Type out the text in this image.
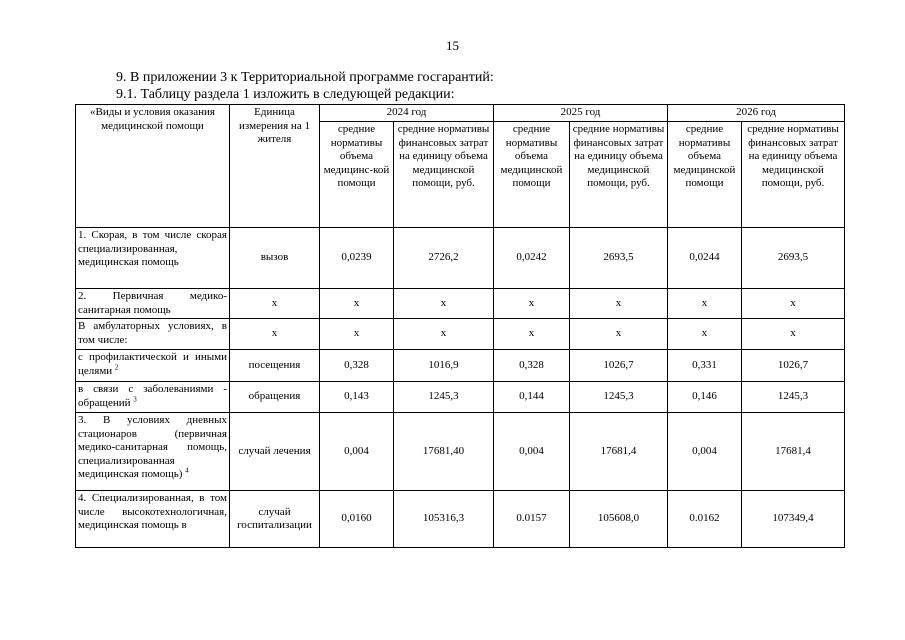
15
9. В приложении 3 к Территориальной программе госгарантий:
9.1. Таблицу раздела 1 изложить в следующей редакции:
«Виды и условия оказания медицинской помощи	Единица измерения на 1 жителя	2024 год		2025 год		2026 год	
		средние нормативы объема медицинс-кой помощи	средние нормативы финансовых затрат на единицу объема медицинской помощи, руб.	средние нормативы объема медицинской помощи	средние нормативы финансовых затрат на единицу объема медицинской помощи, руб.	средние нормативы объема медицинской помощи	средние нормативы финансовых затрат на единицу объема медицинской помощи, руб.
1. Скорая, в том числе скорая специализированная, медицинская помощь	вызов	0,0239	2726,2	0,0242	2693,5	0,0244	2693,5
2. Первичная медико-санитарная помощь	х	х	х	х	х	х	х
В амбулаторных условиях, в том числе:	х	х	х	х	х	х	х
с профилактической и иными целями $^2$	посещения	0,328	1016,9	0,328	1026,7	0,331	1026,7
в связи с заболеваниями - обращений $^3$	обращения	0,143	1245,3	0,144	1245,3	0,146	1245,3
3. В условиях дневных стационаров (первичная медико-санитарная помощь, специализированная медицинская помощь) $^4$	случай лечения	0,004	17681,40	0,004	17681,4	0,004	17681,4
4. Специализированная, в том числе высокотехнологичная, медицинская помощь в	случай госпитализации	0,0160	105316,3	0.0157	105608,0	0.0162	107349,4
